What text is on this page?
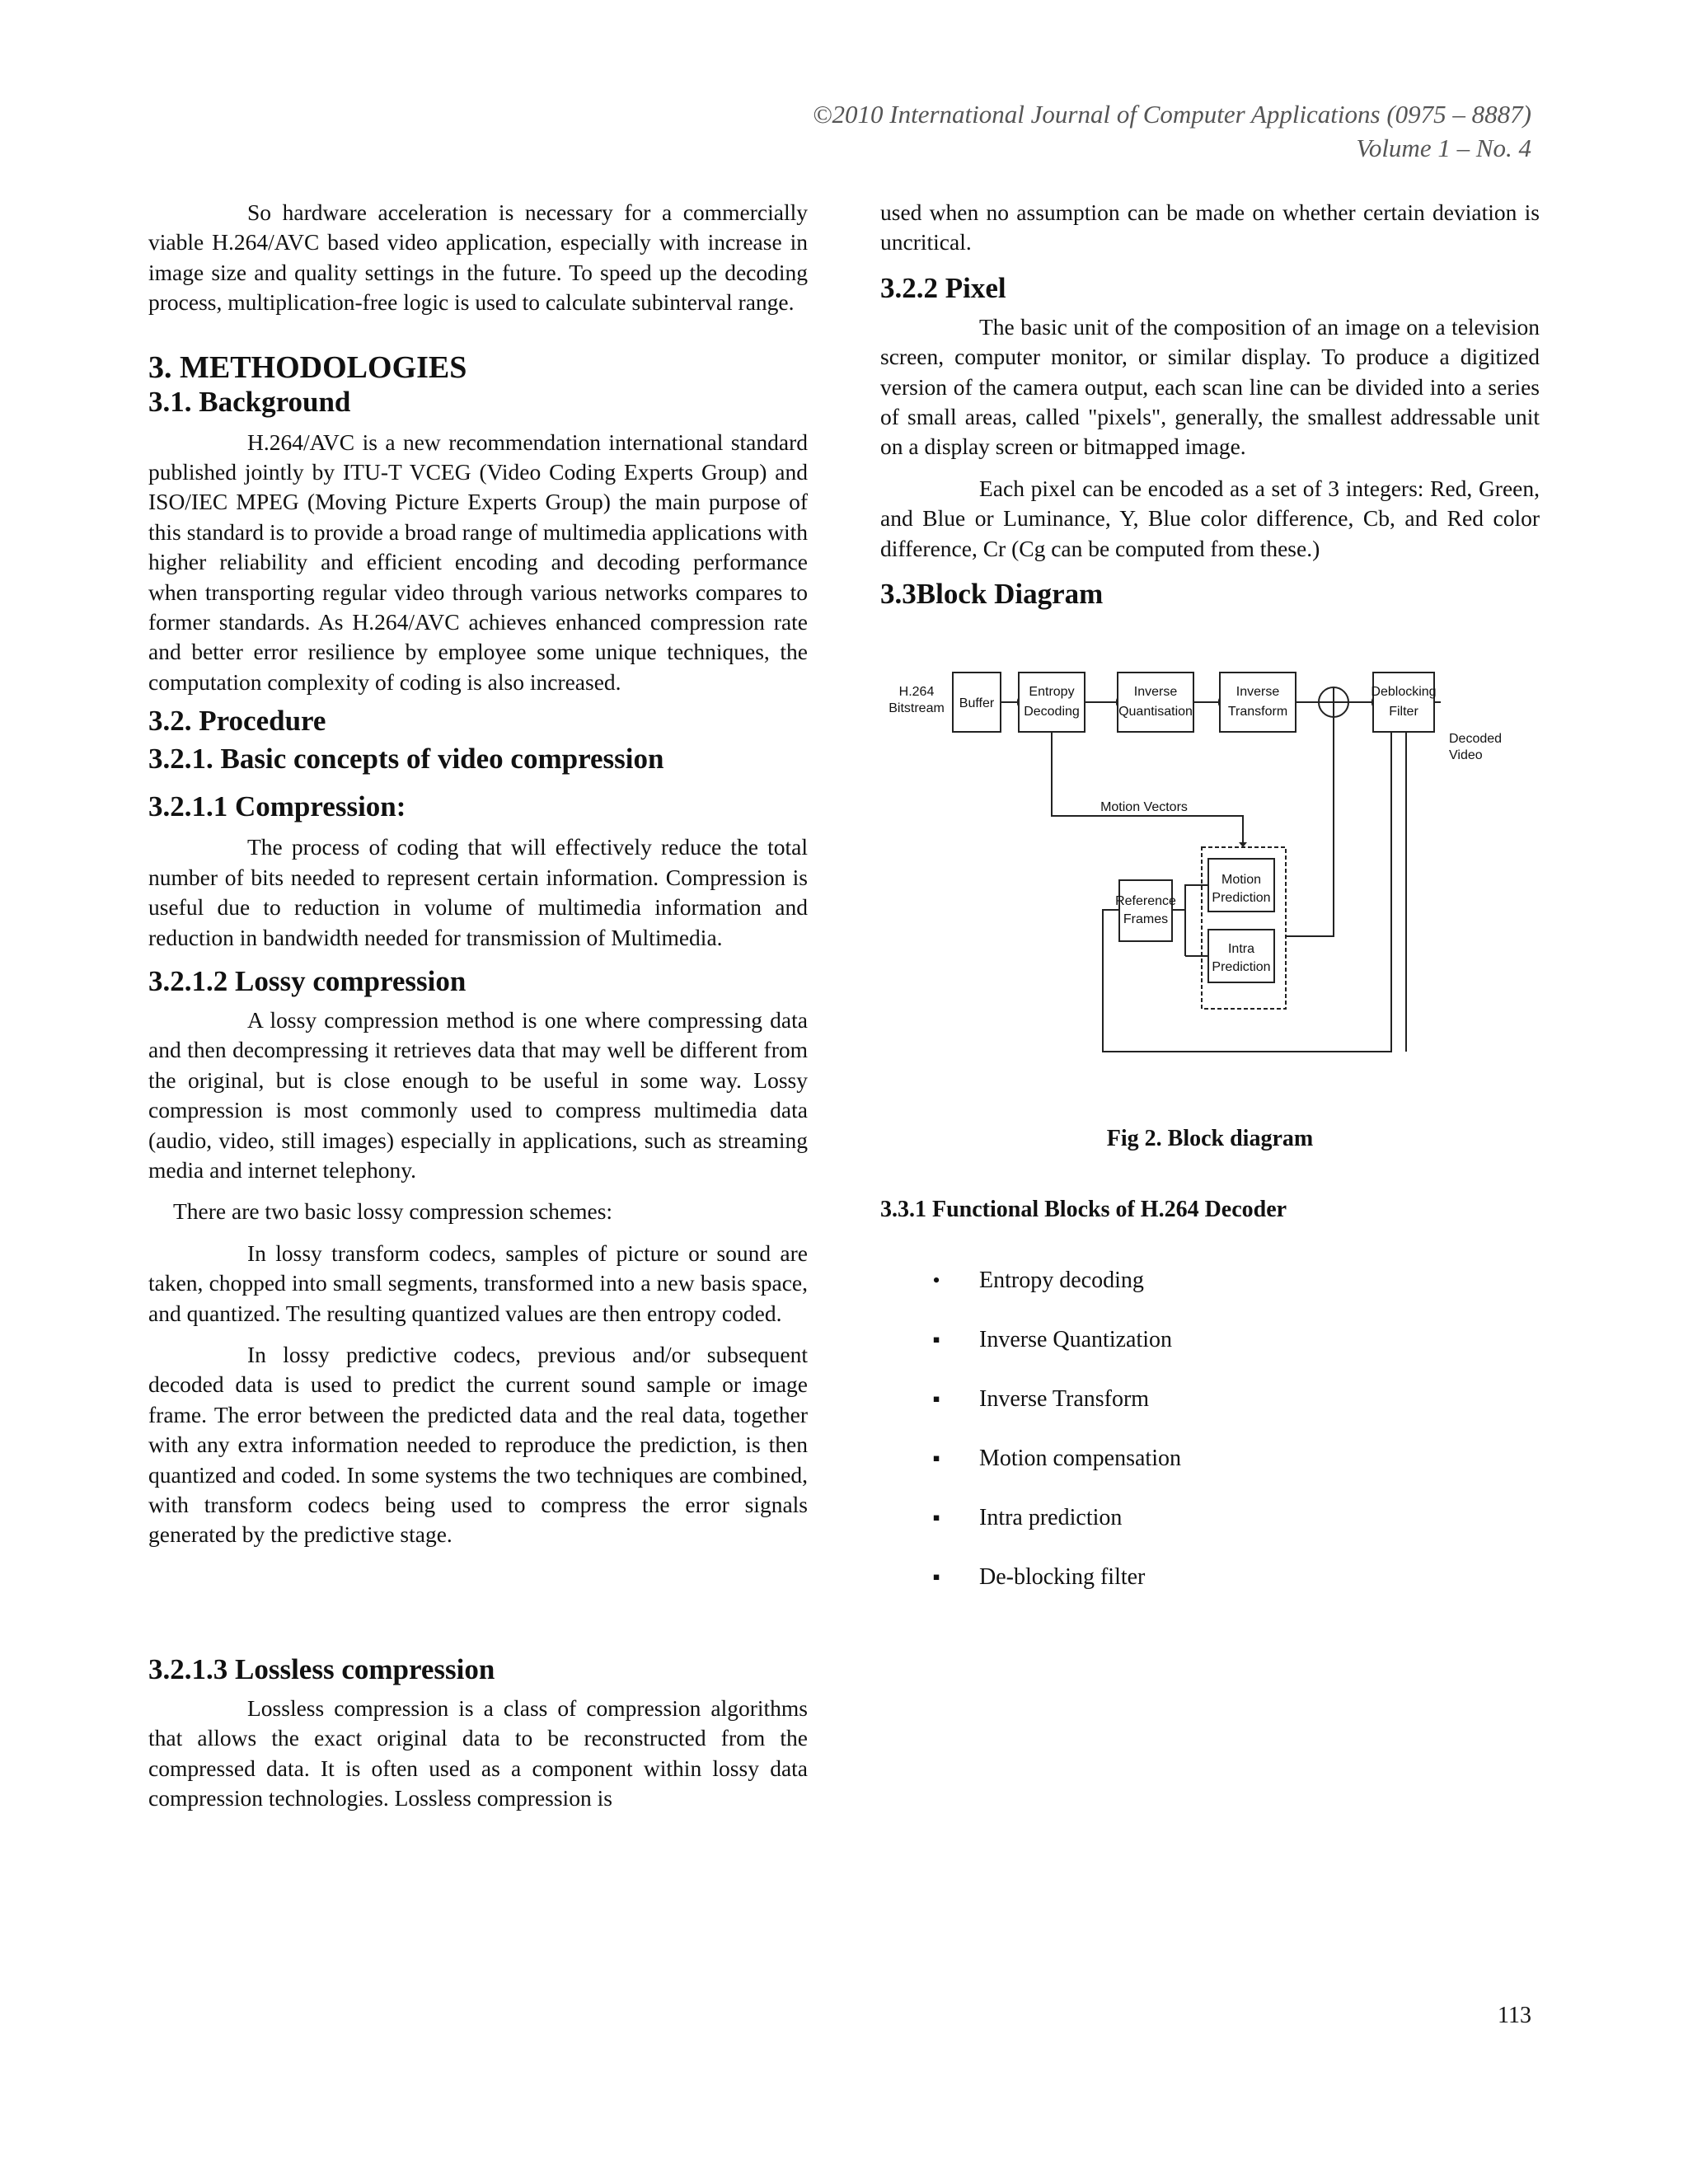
©2010 International Journal of Computer Applications (0975 – 8887)
Volume 1 – No. 4

So hardware acceleration is necessary for a commercially viable H.264/AVC based video application, especially with increase in image size and quality settings in the future. To speed up the decoding process, multiplication-free logic is used to calculate subinterval range.

3. METHODOLOGIES
3.1. Background

H.264/AVC is a new recommendation international standard published jointly by ITU-T VCEG (Video Coding Experts Group) and ISO/IEC MPEG (Moving Picture Experts Group) the main purpose of this standard is to provide a broad range of multimedia applications with higher reliability and efficient encoding and decoding performance when transporting regular video through various networks compares to former standards. As H.264/AVC achieves enhanced compression rate and better error resilience by employee some unique techniques, the computation complexity of coding is also increased.

3.2. Procedure
3.2.1. Basic concepts of video compression
3.2.1.1 Compression:

The process of coding that will effectively reduce the total number of bits needed to represent certain information. Compression is useful due to reduction in volume of multimedia information and reduction in bandwidth needed for transmission of Multimedia.

3.2.1.2 Lossy compression

A lossy compression method is one where compressing data and then decompressing it retrieves data that may well be different from the original, but is close enough to be useful in some way. Lossy compression is most commonly used to compress multimedia data (audio, video, still images) especially in applications, such as streaming media and internet telephony.

There are two basic lossy compression schemes:

In lossy transform codecs, samples of picture or sound are taken, chopped into small segments, transformed into a new basis space, and quantized. The resulting quantized values are then entropy coded.

In lossy predictive codecs, previous and/or subsequent decoded data is used to predict the current sound sample or image frame. The error between the predicted data and the real data, together with any extra information needed to reproduce the prediction, is then quantized and coded. In some systems the two techniques are combined, with transform codecs being used to compress the error signals generated by the predictive stage.

3.2.1.3 Lossless compression

Lossless compression is a class of compression algorithms that allows the exact original data to be reconstructed from the compressed data. It is often used as a component within lossy data compression technologies. Lossless compression is

used when no assumption can be made on whether certain deviation is uncritical.

3.2.2 Pixel

The basic unit of the composition of an image on a television screen, computer monitor, or similar display. To produce a digitized version of the camera output, each scan line can be divided into a series of small areas, called "pixels", generally, the smallest addressable unit on a display screen or bitmapped image.

Each pixel can be encoded as a set of 3 integers: Red, Green, and Blue or Luminance, Y, Blue color difference, Cb, and Red color difference, Cr (Cg can be computed from these.)

3.3Block Diagram
H.264
Bitstream Buffer
Entropy
Decoding
Inverse
Quantisation
Inverse
Transform
Deblocking
Filter
Motion Vectors
Motion
Prediction
Intra
Prediction
Reference
Frames
Decoded
Video

Fig 2. Block diagram

3.3.1 Functional Blocks of H.264 Decoder
• Entropy decoding
▪ Inverse Quantization
▪ Inverse Transform
▪ Motion compensation
▪ Intra prediction
▪ De-blocking filter
113
